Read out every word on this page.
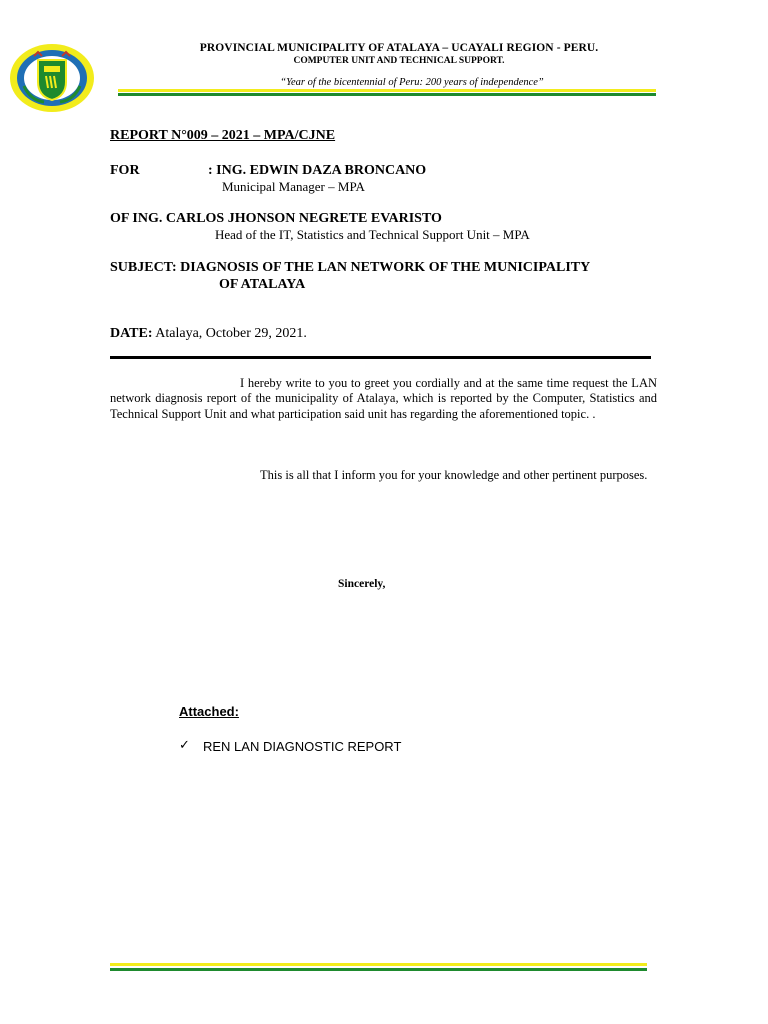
PROVINCIAL MUNICIPALITY OF ATALAYA – UCAYALI REGION - PERU.
COMPUTER UNIT AND TECHNICAL SUPPORT.
“Year of the bicentennial of Peru: 200 years of independence”
REPORT N°009 – 2021 – MPA/CJNE
FOR	: ING. EDWIN DAZA BRONCANO
Municipal Manager – MPA
OF ING. CARLOS JHONSON NEGRETE EVARISTO
Head of the IT, Statistics and Technical Support Unit – MPA
SUBJECT: DIAGNOSIS OF THE LAN NETWORK OF THE MUNICIPALITY
OF ATALAYA
DATE: Atalaya, October 29, 2021.
I hereby write to you to greet you cordially and at the same time request the LAN network diagnosis report of the municipality of Atalaya, which is reported by the Computer, Statistics and Technical Support Unit and what participation said unit has regarding the aforementioned topic. .
This is all that I inform you for your knowledge and other pertinent purposes.
Sincerely,
Attached:
✓ REN LAN DIAGNOSTIC REPORT
